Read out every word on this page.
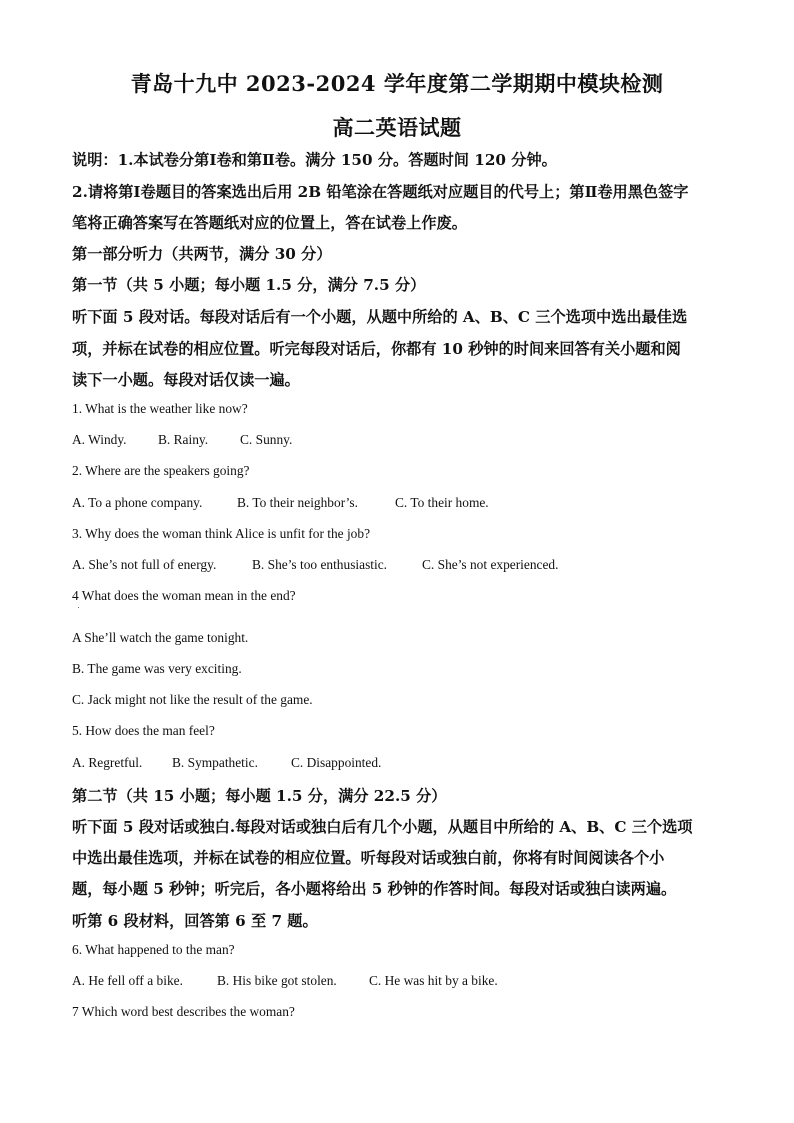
青岛十九中 2023-2024 学年度第二学期期中模块检测
高二英语试题
说明：1.本试卷分第Ⅰ卷和第Ⅱ卷。满分 150 分。答题时间 120 分钟。
2.请将第Ⅰ卷题目的答案选出后用 2B 铅笔涂在答题纸对应题目的代号上；第Ⅱ卷用黑色签字
笔将正确答案写在答题纸对应的位置上，答在试卷上作废。
第一部分听力（共两节，满分 30 分）
第一节（共 5 小题；每小题 1.5 分，满分 7.5 分）
听下面 5 段对话。每段对话后有一个小题，从题中所给的 A、B、C 三个选项中选出最佳选
项，并标在试卷的相应位置。听完每段对话后，你都有 10 秒钟的时间来回答有关小题和阅
读下一小题。每段对话仅读一遍。
1. What is the weather like now?
A. Windy. B. Rainy. C. Sunny.
2. Where are the speakers going?
A. To a phone company.	B. To their neighbor’s.	C. To their home.
3. Why does the woman think Alice is unfit for the job?
A. She’s not full of energy.	B. She’s too enthusiastic.	C. She’s not experienced.
4 What does the woman mean in the end?
A She’ll watch the game tonight.
B. The game was very exciting.
C. Jack might not like the result of the game.
5. How does the man feel?
A. Regretful. B. Sympathetic. C. Disappointed.
第二节（共 15 小题；每小题 1.5 分，满分 22.5 分）
听下面 5 段对话或独白.每段对话或独白后有几个小题，从题目中所给的 A、B、C 三个选项
中选出最佳选项，并标在试卷的相应位置。听每段对话或独白前，你将有时间阅读各个小
题，每小题 5 秒钟；听完后，各小题将给出 5 秒钟的作答时间。每段对话或独白读两遍。
听第 6 段材料，回答第 6 至 7 题。
6. What happened to the man?
A. He fell off a bike.	B. His bike got stolen. C. He was hit by a bike.
7 Which word best describes the woman?
